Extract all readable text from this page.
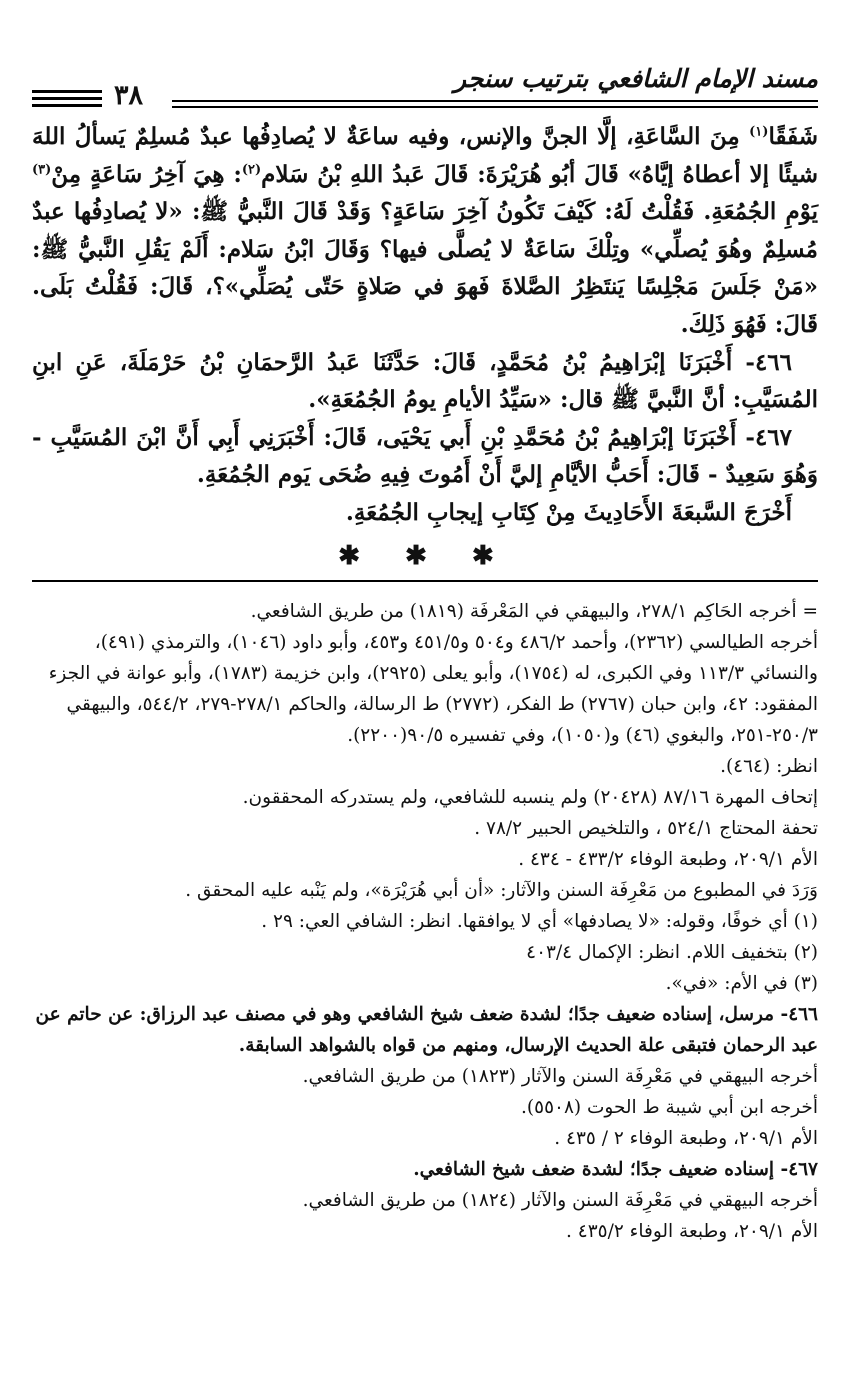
مسند الإمام الشافعي بترتيب سنجر
٣٨

شَفَقًا$^{(١)}$ مِنَ السَّاعَةِ، إلَّا الجنَّ والإنس، وفيه ساعَةٌ لا يُصادِفُها عبدٌ مُسلِمٌ يَسألُ اللهَ شيئًا إلا أعطاهُ إيَّاهُ» قَالَ أبُو هُرَيْرَةَ: قَالَ عَبدُ اللهِ بْنُ سَلام$^{(٢)}$: هِيَ آخِرُ سَاعَةٍ مِنْ$^{(٣)}$ يَوْمِ الجُمُعَةِ. فَقُلْتُ لَهُ: كَيْفَ تَكُونُ آخِرَ سَاعَةٍ؟ وَقَدْ قَالَ النَّبيُّ ﷺ: «لا يُصادِفُها عبدٌ مُسلِمٌ وهُوَ يُصلِّي» وتِلْكَ سَاعَةٌ لا يُصلَّى فيها؟ وَقَالَ ابْنُ سَلام: أَلَمْ يَقُلِ النَّبيُّ ﷺ: «مَنْ جَلَسَ مَجْلِسًا يَنتَظِرُ الصَّلاةَ فَهوَ في صَلاةٍ حَتّى يُصَلِّي»؟، قَالَ: فَقُلْتُ بَلَى. قَالَ: فَهُوَ ذَلِكَ.

٤٦٦- أَخْبَرَنَا إبْرَاهِيمُ بْنُ مُحَمَّدٍ، قَالَ: حَدَّثَنَا عَبدُ الرَّحمَانِ بْنُ حَرْمَلَةَ، عَنِ ابنِ المُسَيَّبِ: أنَّ النَّبيَّ ﷺ قال: «سَيِّدُ الأيامِ يومُ الجُمُعَةِ».

٤٦٧- أَخْبَرَنَا إبْرَاهِيمُ بْنُ مُحَمَّدِ بْنِ أَبي يَحْيَى، قَالَ: أَخْبَرَنِي أَبِي أَنَّ ابْنَ المُسَيَّبِ - وَهُوَ سَعِيدٌ - قَالَ: أَحَبُّ الأيَّامِ إليَّ أَنْ أَمُوتَ فِيهِ ضُحَى يَوم الجُمُعَةِ.

أَخْرَجَ السَّبعَةَ الأَحَادِيثَ مِنْ كِتَابِ إيجابِ الجُمُعَةِ.

✱ ✱ ✱

= أخرجه الحَاكِم ٢٧٨/١، والبيهقي في المَعْرفَة (١٨١٩) من طريق الشافعي.

أخرجه الطيالسي (٢٣٦٢)، وأحمد ٤٨٦/٢ و٥٠٤ و٤٥١/٥ و٤٥٣، وأبو داود (١٠٤٦)، والترمذي (٤٩١)، والنسائي ١١٣/٣ وفي الكبرى، له (١٧٥٤)، وأبو يعلى (٢٩٢٥)، وابن خزيمة (١٧٨٣)، وأبو عوانة في الجزء المفقود: ٤٢، وابن حبان (٢٧٦٧) ط الفكر، (٢٧٧٢) ط الرسالة، والحاكم ٢٧٨/١-٢٧٩، ٥٤٤/٢، والبيهقي ٢٥٠/٣-٢٥١، والبغوي (٤٦) و(١٠٥٠)، وفي تفسيره ٩٠/٥(٢٢٠٠).

انظر: (٤٦٤).

إتحاف المهرة ٨٧/١٦ (٢٠٤٢٨) ولم ينسبه للشافعي، ولم يستدركه المحققون.

تحفة المحتاج ٥٢٤/١ ، والتلخيص الحبير ٧٨/٢ .

الأم ٢٠٩/١، وطبعة الوفاء ٤٣٣/٢ - ٤٣٤ .

وَرَدَ في المطبوع من مَعْرِفَة السنن والآثار: «أن أبي هُرَيْرَة»، ولم يَنْبه عليه المحقق .

(١) أي خوفًا، وقوله: «لا يصادفها» أي لا يوافقها. انظر: الشافي العي: ٢٩ .

(٢) بتخفيف اللام. انظر: الإكمال ٤٠٣/٤

(٣) في الأم: «في».

٤٦٦- مرسل، إسناده ضعيف جدًا؛ لشدة ضعف شيخ الشافعي وهو في مصنف عبد الرزاق: عن حاتم عن عبد الرحمان فتبقى علة الحديث الإرسال، ومنهم من قواه بالشواهد السابقة.

أخرجه البيهقي في مَعْرِفَة السنن والآثار (١٨٢٣) من طريق الشافعي.

أخرجه ابن أبي شيبة ط الحوت (٥٥٠٨).

الأم ٢٠٩/١، وطبعة الوفاء ٢ / ٤٣٥ .

٤٦٧- إسناده ضعيف جدًا؛ لشدة ضعف شيخ الشافعي.

أخرجه البيهقي في مَعْرِفَة السنن والآثار (١٨٢٤) من طريق الشافعي.

الأم ٢٠٩/١، وطبعة الوفاء ٤٣٥/٢ .
